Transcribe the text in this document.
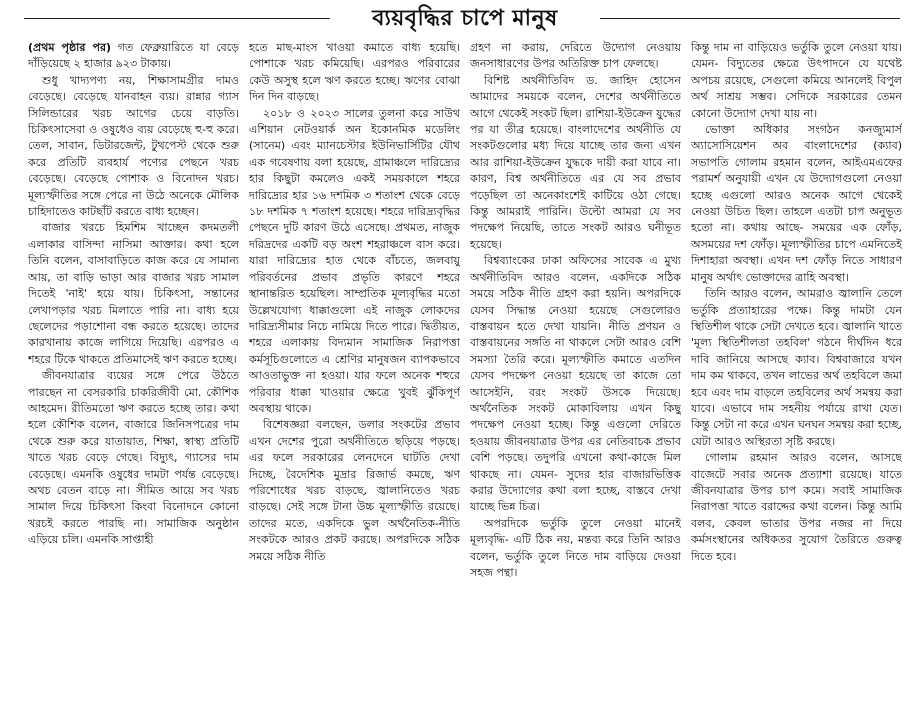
ব্যয়বৃদ্ধির চাপে মানুষ

(প্রথম পৃষ্ঠার পর) গত ফেব্রুয়ারিতে যা বেড়ে দাঁড়িয়েছে ২ হাজার ৯২৩ টাকায়।

শুধু খাদ্যপণ্য নয়, শিক্ষাসামগ্রীর দামও বেড়েছে। বেড়েছে যানবাহন ব্যয়। রান্নার গ্যাস সিলিন্ডারের খরচ আগের চেয়ে বাড়তি। চিকিৎসাসেবা ও ওষুধেও ব্যয় বেড়েছে হু-হু করে। তেল, সাবান, ডিটারজেন্ট, টুথপেস্ট থেকে শুরু করে প্রতিটি ব্যবহার্য পণ্যের পেছনে খরচ বেড়েছে। বেড়েছে পোশাক ও বিনোদন খরচ। মূল্যস্ফীতির সঙ্গে পেরে না উঠে অনেকে মৌলিক চাহিদাতেও কাটছাঁট করতে বাধ্য হচ্ছেন।

বাজার খরচে হিমশিম খাচ্ছেন কদমতলী এলাকার বাসিন্দা নাসিমা আক্তার। কথা হলে তিনি বলেন, বাসাবাড়িতে কাজ করে যে সামান্য আয়, তা বাড়ি ভাড়া আর বাজার খরচ সামাল দিতেই 'নাই' হয়ে যায়। চিকিৎসা, সন্তানের লেখাপড়ার খরচ মিলাতে পারি না। বাধ্য হয়ে ছেলেদের পড়াশোনা বন্ধ করতে হয়েছে। তাদের কারখানায় কাজে লাগিয়ে দিয়েছি। এরপরও এ শহরে টিকে থাকতে প্রতিমাসেই ঋণ করতে হচ্ছে।

জীবনযাত্রার ব্যয়ের সঙ্গে পেরে উঠতে পারছেন না বেসরকারি চাকরিজীবী মো. কৌশিক আহমেদ। রীতিমতো ঋণ করতে হচ্ছে তার। কথা হলে কৌশিক বলেন, বাজারে জিনিসপত্রের দাম থেকে শুরু করে যাতায়াত, শিক্ষা, স্বাস্থ্য প্রতিটি খাতে খরচ বেড়ে গেছে। বিদ্যুৎ, গ্যাসের দাম বেড়েছে। এমনকি ওষুধের দামটা পর্যন্ত বেড়েছে। অথচ বেতন বাড়ে না। সীমিত আয়ে সব খরচ সামাল দিয়ে চিকিৎসা কিংবা বিনোদনে কোনো খরচই করতে পারছি না। সামাজিক অনুষ্ঠান এড়িয়ে চলি। এমনকি সাপ্তাহী

হতে মাছ-মাংস খাওয়া কমাতে বাধ্য হয়েছি। পোশাকে খরচ কমিয়েছি। এরপরও পরিবারের কেউ অসুস্থ হলে ঋণ করতে হচ্ছে। ঋণের বোঝা দিন দিন বাড়ছে।

২০১৮ ও ২০২৩ সালের তুলনা করে সাউথ এশিয়ান নেটওয়ার্ক অন ইকোনমিক মডেলিং (সানেম) এবং ম্যানচেস্টার ইউনিভার্সিটির যৌথ এক গবেষণায় বলা হয়েছে, গ্রামাঞ্চলে দারিদ্র্যের হার কিছুটা কমলেও একই সময়কালে শহরে দারিদ্র্যের হার ১৬ দশমিক ৩ শতাংশ থেকে বেড়ে ১৮ দশমিক ৭ শতাংশ হয়েছে। শহরে দারিদ্র্যবৃদ্ধির পেছনে দুটি কারণ উঠে এসেছে। প্রথমত, নাজুক দরিদ্রদের একটি বড় অংশ শহরাঞ্চলে বাস করে। যারা দারিদ্র্যের হাত থেকে বাঁচতে, জলবায়ু পরিবর্তনের প্রভাব প্রভৃতি কারণে শহরে স্থানান্তরিত হয়েছিল। সাম্প্রতিক মূল্যবৃদ্ধির মতো উল্লেখযোগ্য ধাক্কাগুলো এই নাজুক লোকদের দারিদ্র্যসীমার নিচে নামিয়ে দিতে পারে। দ্বিতীয়ত, শহরে এলাকায় বিদ্যমান সামাজিক নিরাপত্তা কর্মসূচিগুলোতে এ শ্রেণির মানুষজন ব্যাপকভাবে আওতাভুক্ত না হওয়া। যার ফলে অনেক শহুরে পরিবার ধাক্কা খাওয়ার ক্ষেত্রে খুবই ঝুঁকিপূর্ণ অবস্থায় থাকে।

বিশেষজ্ঞরা বলছেন, ডলার সংকটের প্রভাব এখন দেশের পুরো অর্থনীতিতে ছড়িয়ে পড়ছে। এর ফলে সরকারের লেনদেনে ঘাটতি দেখা দিচ্ছে, বৈদেশিক মুদ্রার রিজার্ভ কমছে, ঋণ পরিশোধের খরচ বাড়ছে, জ্বালানিতেও খরচ বাড়ছে। সেই সঙ্গে টানা উচ্চ মূল্যস্ফীতি রয়েছে। তাদের মতে, একদিকে ভুল অর্থনৈতিক-নীতি সংকটকে আরও প্রকট করছে। অপরদিকে সঠিক সময়ে সঠিক নীতি

গ্রহণ না করায়, দেরিতে উদ্যোগ নেওয়ায় জনসাধারণের উপর অতিরিক্ত চাপ ফেলছে।

বিশিষ্ট অর্থনীতিবিদ ড. জাহিদ হোসেন আমাদের সময়কে বলেন, দেশের অর্থনীতিতে আগে থেকেই সংকট ছিল। রাশিয়া-ইউক্রেন যুদ্ধের পর যা তীব্র হয়েছে। বাংলাদেশের অর্থনীতি যে সংকটগুলোর মধ্য দিয়ে যাচ্ছে তার জন্য এখন আর রাশিয়া-ইউক্রেন যুদ্ধকে দায়ী করা যাবে না। কারণ, বিশ্ব অর্থনীতিতে এর যে সব প্রভাব পড়েছিল তা অনেকাংশেই কাটিয়ে ওঠা গেছে। কিন্তু আমরাই পারিনি। উল্টো আমরা যে সব পদক্ষেপ নিয়েছি, তাতে সংকট আরও ঘনীভূত হয়েছে।

বিশ্বব্যাংকের ঢাকা অফিসের সাবেক এ মুখ্য অর্থনীতিবিদ আরও বলেন, একদিকে সঠিক সময়ে সঠিক নীতি গ্রহণ করা হয়নি। অপরদিকে যেসব সিদ্ধান্ত নেওয়া হয়েছে সেগুলোরও বাস্তবায়ন হতে দেখা যায়নি। নীতি প্রণয়ন ও বাস্তবায়নের সঙ্গতি না থাকলে সেটা আরও বেশি সমস্যা তৈরি করে। মূল্যস্ফীতি কমাতে এতদিন যেসব পদক্ষেপ নেওয়া হয়েছে তা কাজে তো আসেইনি, বরং সংকট উসকে দিয়েছে। অর্থনৈতিক সংকট মোকাবিলায় এখন কিছু পদক্ষেপ নেওয়া হচ্ছে। কিন্তু এগুলো দেরিতে হওয়ায় জীবনযাত্রার উপর এর নেতিবাচক প্রভাব বেশি পড়ছে। তদুপরি এখনো কথা-কাজে মিল থাকছে না। যেমন- সুদের হার বাজারভিত্তিক করার উদ্যোগের কথা বলা হচ্ছে, বাস্তবে দেখা যাচ্ছে ভিন্ন চিত্র।

অপরদিকে ভর্তুকি তুলে নেওয়া মানেই মূল্যবৃদ্ধি- এটি ঠিক নয়, মন্তব্য করে তিনি আরও বলেন, ভর্তুকি তুলে নিতে দাম বাড়িয়ে দেওয়া সহজ পন্থা।

কিন্তু দাম না বাড়িয়েও ভর্তুকি তুলে নেওয়া যায়। যেমন- বিদ্যুতের ক্ষেত্রে উৎপাদনে যে যথেষ্ট অপচয় রয়েছে, সেগুলো কমিয়ে আনলেই বিপুল অর্থ সাশ্রয় সম্ভব। সেদিকে সরকারের তেমন কোনো উদ্যোগ দেখা যায় না।

ভোক্তা অধিকার সংগঠন কনজ্যুমার্স অ্যাসোসিয়েশন অব বাংলাদেশের (ক্যাব) সভাপতি গোলাম রহমান বলেন, আইএমএফের পরামর্শ অনুযায়ী এখন যে উদ্যোগগুলো নেওয়া হচ্ছে এগুলো আরও অনেক আগে থেকেই নেওয়া উচিত ছিল। তাহলে এতটা চাপ অনুভূত হতো না। কথায় আছে- সময়ের এক ফোঁড়, অসময়ের দশ ফোঁড়। মূল্যস্ফীতির চাপে এমনিতেই দিশাহারা অবস্থা। এখন দশ ফোঁড় নিতে সাধারণ মানুষ অর্থাৎ ভোক্তাদের ত্রাহি অবস্থা।

তিনি আরও বলেন, আমরাও জ্বালানি তেলে ভর্তুকি প্রত্যাহারের পক্ষে। কিন্তু দামটা যেন স্থিতিশীল থাকে সেটা দেখতে হবে। জ্বালানি খাতে 'মূল্য স্থিতিশীলতা তহবিল' গঠনে দীর্ঘদিন ধরে দাবি জানিয়ে আসছে ক্যাব। বিশ্ববাজারে যখন দাম কম থাকবে, তখন লাভের অর্থ তহবিলে জমা হবে এবং দাম বাড়লে তহবিলের অর্থ সমন্বয় করা যাবে। এভাবে দাম সহনীয় পর্যায়ে রাখা যেত। কিন্তু সেটা না করে এখন ঘনঘন সমন্বয় করা হচ্ছে, যেটা আরও অস্থিরতা সৃষ্টি করছে।

গোলাম রহমান আরও বলেন, আসছে বাজেটে সবার অনেক প্রত্যাশা রয়েছে। যাতে জীবনযাত্রার উপর চাপ কমে। সবাই সামাজিক নিরাপত্তা খাতে বরাদ্দের কথা বলেন। কিন্তু আমি বলব, কেবল ভাতার উপর নজর না দিয়ে কর্মসংস্থানের অধিকতর সুযোগ তৈরিতে গুরুত্ব দিতে হবে।
